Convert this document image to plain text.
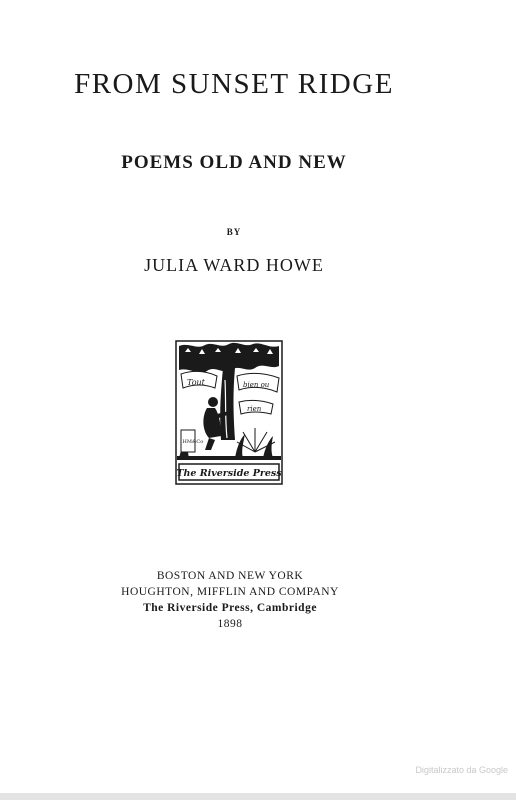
FROM SUNSET RIDGE
POEMS OLD AND NEW
BY
JULIA WARD HOWE
Tout	bien ou
rien
HM&Co
The Riverside Press
BOSTON AND NEW YORK
HOUGHTON, MIFFLIN AND COMPANY
The Riverside Press, Cambridge
1898
Digitalizzato da Google
